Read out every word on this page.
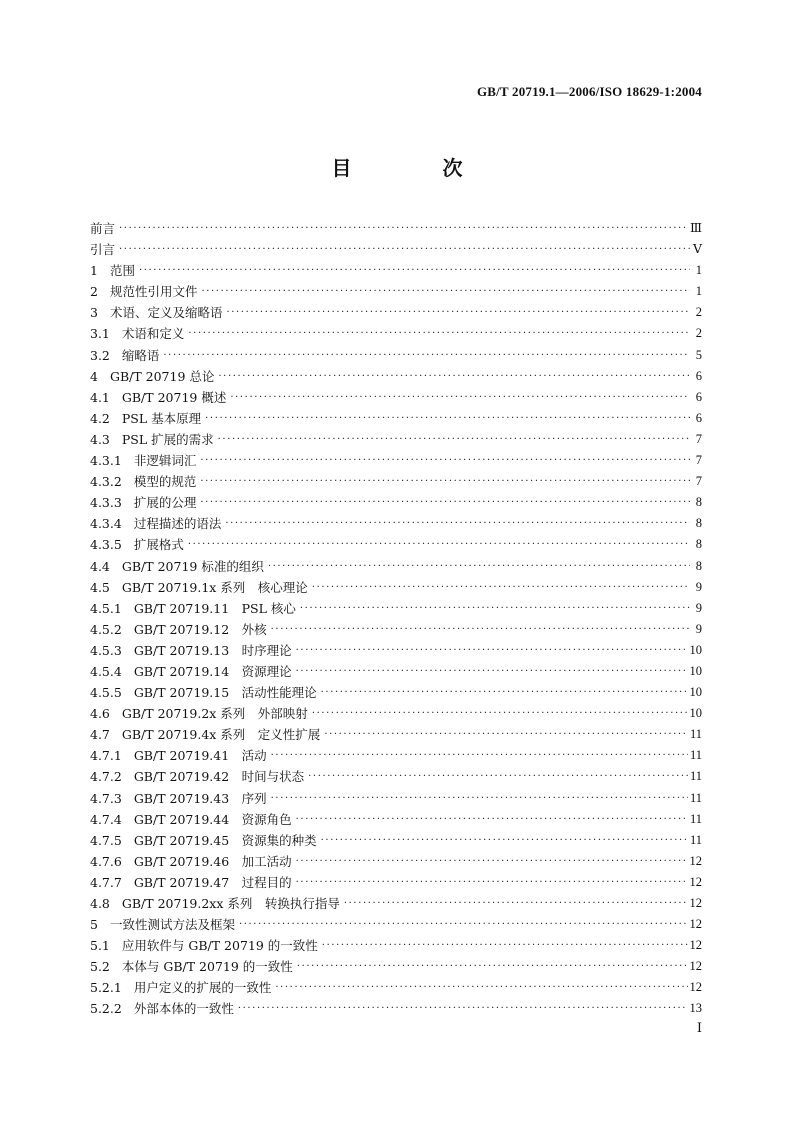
GB/T 20719.1—2006/ISO 18629-1:2004
目 次
前言 ·····	Ⅲ
引言 ·····	Ⅴ
1 范围 ·····	1
2 规范性引用文件 ·····	1
3 术语、定义及缩略语 ·····	2
3.1 术语和定义 ·····	2
3.2 缩略语 ·····	5
4 GB/T 20719 总论 ·····	6
4.1 GB/T 20719 概述 ·····	6
4.2 PSL 基本原理 ·····	6
4.3 PSL 扩展的需求 ·····	7
4.3.1 非逻辑词汇 ·····	7
4.3.2 模型的规范 ·····	7
4.3.3 扩展的公理 ·····	8
4.3.4 过程描述的语法 ·····	8
4.3.5 扩展格式 ·····	8
4.4 GB/T 20719 标准的组织 ·····	8
4.5 GB/T 20719.1x 系列　核心理论 ·····	9
4.5.1 GB/T 20719.11　PSL 核心 ·····	9
4.5.2 GB/T 20719.12　外核 ·····	9
4.5.3 GB/T 20719.13　时序理论 ·····	10
4.5.4 GB/T 20719.14　资源理论 ·····	10
4.5.5 GB/T 20719.15　活动性能理论 ·····	10
4.6 GB/T 20719.2x 系列　外部映射 ·····	10
4.7 GB/T 20719.4x 系列　定义性扩展 ·····	11
4.7.1 GB/T 20719.41　活动 ·····	11
4.7.2 GB/T 20719.42　时间与状态 ·····	11
4.7.3 GB/T 20719.43　序列 ·····	11
4.7.4 GB/T 20719.44　资源角色 ·····	11
4.7.5 GB/T 20719.45　资源集的种类 ·····	11
4.7.6 GB/T 20719.46　加工活动 ·····	12
4.7.7 GB/T 20719.47　过程目的 ·····	12
4.8 GB/T 20719.2xx 系列　转换执行指导 ·····	12
5 一致性测试方法及框架 ·····	12
5.1 应用软件与 GB/T 20719 的一致性 ·····	12
5.2 本体与 GB/T 20719 的一致性 ·····	12
5.2.1 用户定义的扩展的一致性 ·····	12
5.2.2 外部本体的一致性 ·····	13
Ⅰ
